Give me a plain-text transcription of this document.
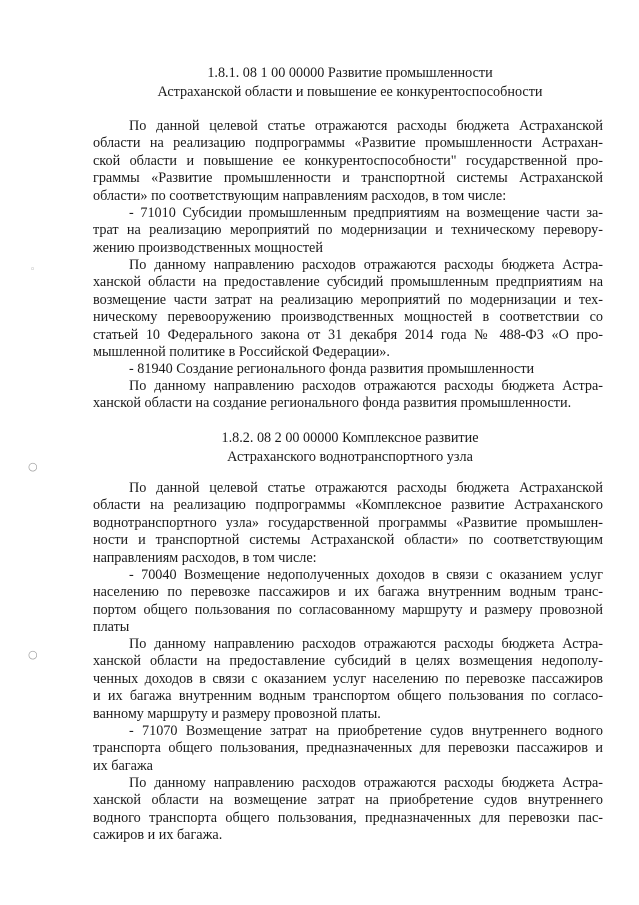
◦
○
○
1.8.1. 08 1 00 00000 Развитие промышленности
Астраханской области и повышение ее конкурентоспособности
По данной целевой статье отражаются расходы бюджета Астраханской
области на реализацию подпрограммы «Развитие промышленности Астрахан-
ской области и повышение ее конкурентоспособности" государственной про-
граммы «Развитие промышленности и транспортной системы Астраханской
области» по соответствующим направлениям расходов, в том числе:
- 71010 Субсидии промышленным предприятиям на возмещение части за-
трат на реализацию мероприятий по модернизации и техническому перевору-
жению производственных мощностей
По данному направлению расходов отражаются расходы бюджета Астра-
ханской области на предоставление субсидий промышленным предприятиям на
возмещение части затрат на реализацию мероприятий по модернизации и тех-
ническому перевооружению производственных мощностей в соответствии со
статьей 10 Федерального закона от 31 декабря 2014 года № 488-ФЗ «О про-
мышленной политике в Российской Федерации».
- 81940 Создание регионального фонда развития промышленности
По данному направлению расходов отражаются расходы бюджета Астра-
ханской области на создание регионального фонда развития промышленности.
1.8.2. 08 2 00 00000 Комплексное развитие
Астраханского воднотранспортного узла
По данной целевой статье отражаются расходы бюджета Астраханской
области на реализацию подпрограммы «Комплексное развитие Астраханского
воднотранспортного узла» государственной программы «Развитие промышлен-
ности и транспортной системы Астраханской области» по соответствующим
направлениям расходов, в том числе:
- 70040 Возмещение недополученных доходов в связи с оказанием услуг
населению по перевозке пассажиров и их багажа внутренним водным транс-
портом общего пользования по согласованному маршруту и размеру провозной
платы
По данному направлению расходов отражаются расходы бюджета Астра-
ханской области на предоставление субсидий в целях возмещения недополу-
ченных доходов в связи с оказанием услуг населению по перевозке пассажиров
и их багажа внутренним водным транспортом общего пользования по согласо-
ванному маршруту и размеру провозной платы.
- 71070 Возмещение затрат на приобретение судов внутреннего водного
транспорта общего пользования, предназначенных для перевозки пассажиров и
их багажа
По данному направлению расходов отражаются расходы бюджета Астра-
ханской области на возмещение затрат на приобретение судов внутреннего
водного транспорта общего пользования, предназначенных для перевозки пас-
сажиров и их багажа.
